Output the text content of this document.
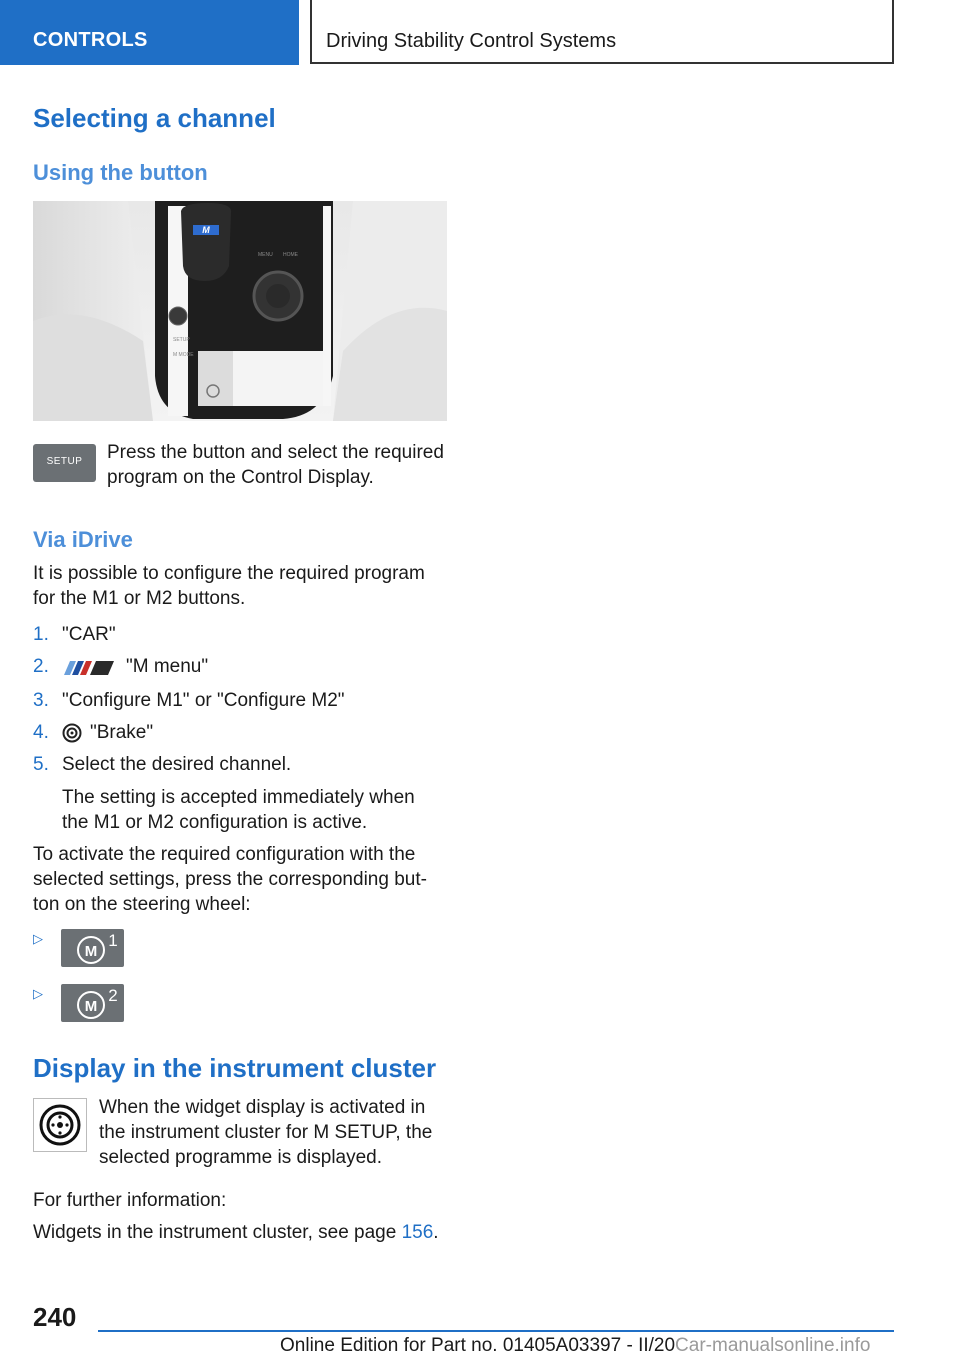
CONTROLS	Driving Stability Control Systems
Selecting a channel
Using the button
M
SETUP
M MODE
MENU HOME
SETUP	Press the button and select the required
program on the Control Display.
Via iDrive
It is possible to configure the required program
for the M1 or M2 buttons.
1. "CAR"
2.	"M menu"
3. "Configure M1" or "Configure M2"
4. "Brake"
5. Select the desired channel.
The setting is accepted immediately when
the M1 or M2 configuration is active.
To activate the required configuration with the
selected settings, press the corresponding but-
ton on the steering wheel:
▷
M
1
▷
M
2
Display in the instrument cluster
When the widget display is activated in
the instrument cluster for M SETUP, the
selected programme is displayed.
For further information:
Widgets in the instrument cluster, see page 156.
240
Online Edition for Part no. 01405A03397 - II/20Car-manualsonline.info
